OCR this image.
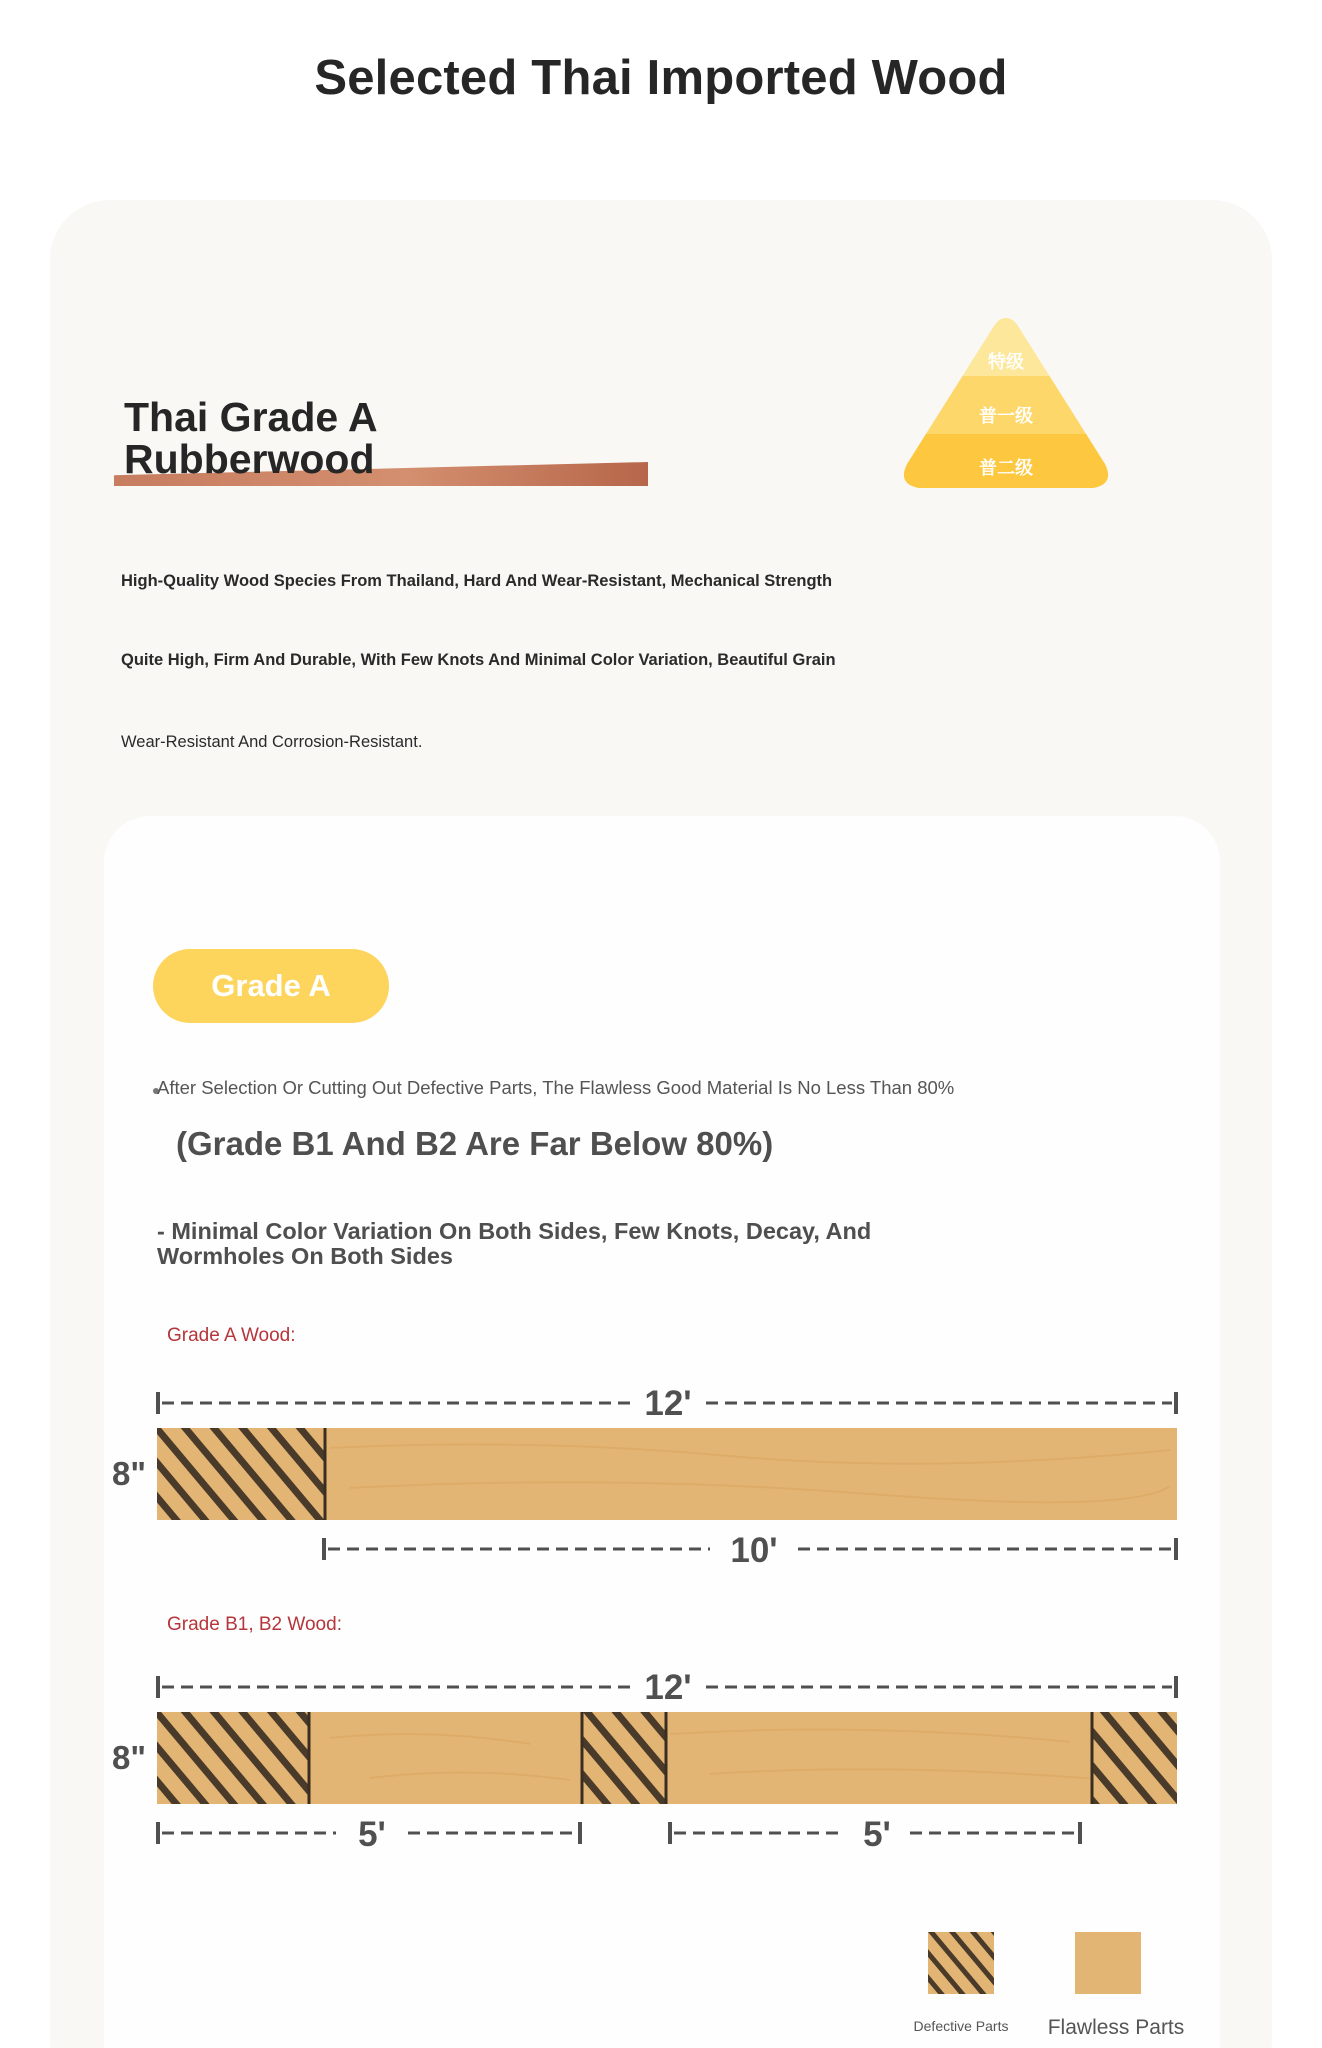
Selected Thai Imported Wood
Thai Grade A
Rubberwood
特级
普一级
普二级
High-Quality Wood Species From Thailand, Hard And Wear-Resistant, Mechanical Strength
Quite High, Firm And Durable, With Few Knots And Minimal Color Variation, Beautiful Grain
Wear-Resistant And Corrosion-Resistant.
Grade A
After Selection Or Cutting Out Defective Parts, The Flawless Good Material Is No Less Than 80%
(Grade B1 And B2 Are Far Below 80%)
- Minimal Color Variation On Both Sides, Few Knots, Decay, And Wormholes On Both Sides
Grade A Wood:
12'
8"
10'
Grade B1, B2 Wood:
12'
8"
5'	5'
Defective Parts	Flawless Parts
